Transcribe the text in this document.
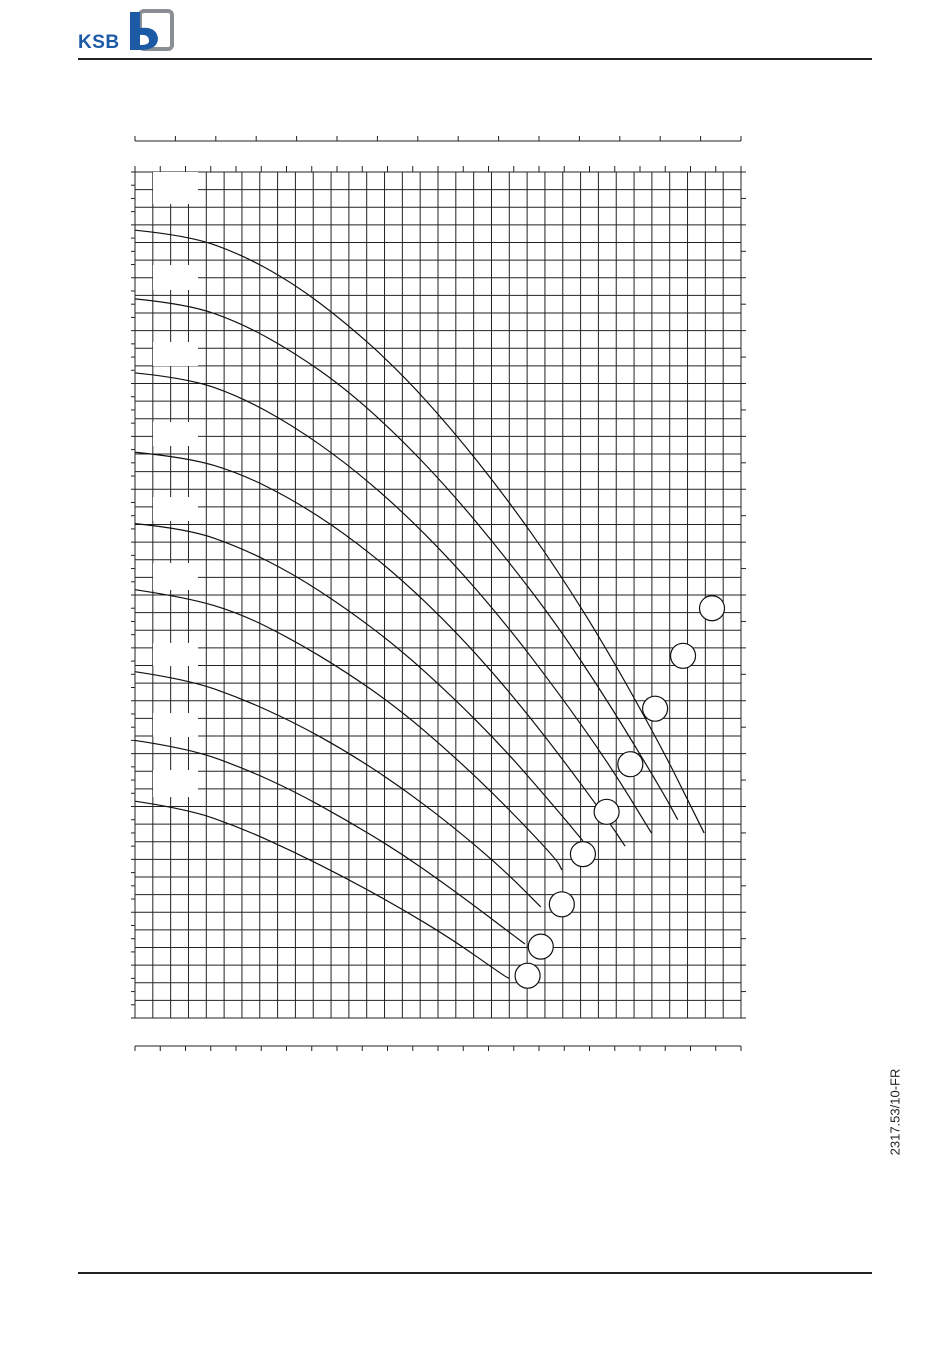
KSB
2317.53/10-FR
